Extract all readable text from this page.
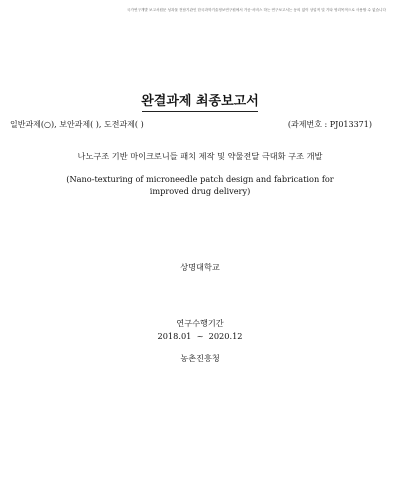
국가연구개발 보고서원문 성과물 전담기관인 한국과학기술정보연구원에서 가공·서비스 하는 연구보고서는 동의 없이 상업적 및 기타 영리목적으로 사용할 수 없습니다
완결과제 최종보고서
일반과제(○), 보안과제( ), 도전과제( )	(과제번호 : PJ013371)
나노구조 기반 마이크로니들 패치 제작 및 약물전달 극대화 구조 개발
(Nano-texturing of microneedle patch design and fabrication for improved drug delivery)
상명대학교
연구수행기간
2018.01  ~  2020.12
농촌진흥청
